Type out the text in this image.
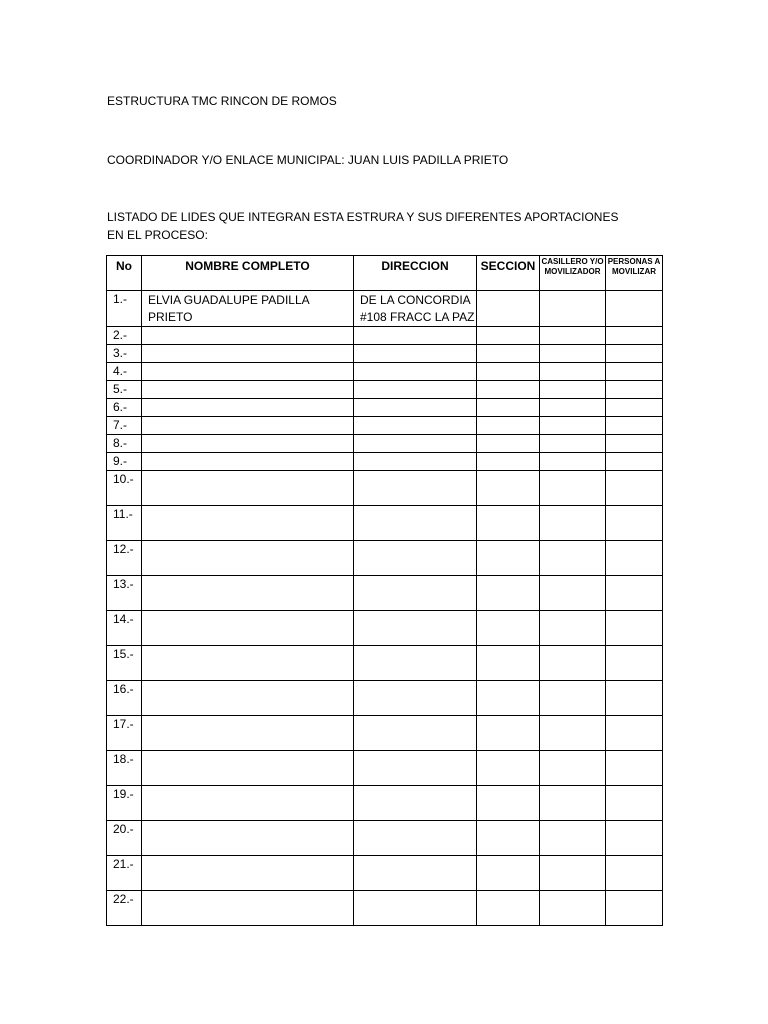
ESTRUCTURA TMC RINCON DE ROMOS
COORDINADOR Y/O ENLACE MUNICIPAL: JUAN LUIS PADILLA PRIETO
LISTADO DE LIDES QUE INTEGRAN ESTA ESTRURA Y SUS DIFERENTES APORTACIONES EN EL PROCESO:
No	NOMBRE COMPLETO	DIRECCION	SECCION	CASILLERO Y/O MOVILIZADOR	PERSONAS A MOVILIZAR
1.-	ELVIA GUADALUPE PADILLA PRIETO	DE LA CONCORDIA #108 FRACC LA PAZ			
2.-					
3.-					
4.-					
5.-					
6.-					
7.-					
8.-					
9.-					
10.-					
11.-					
12.-					
13.-					
14.-					
15.-					
16.-					
17.-					
18.-					
19.-					
20.-					
21.-					
22.-					
